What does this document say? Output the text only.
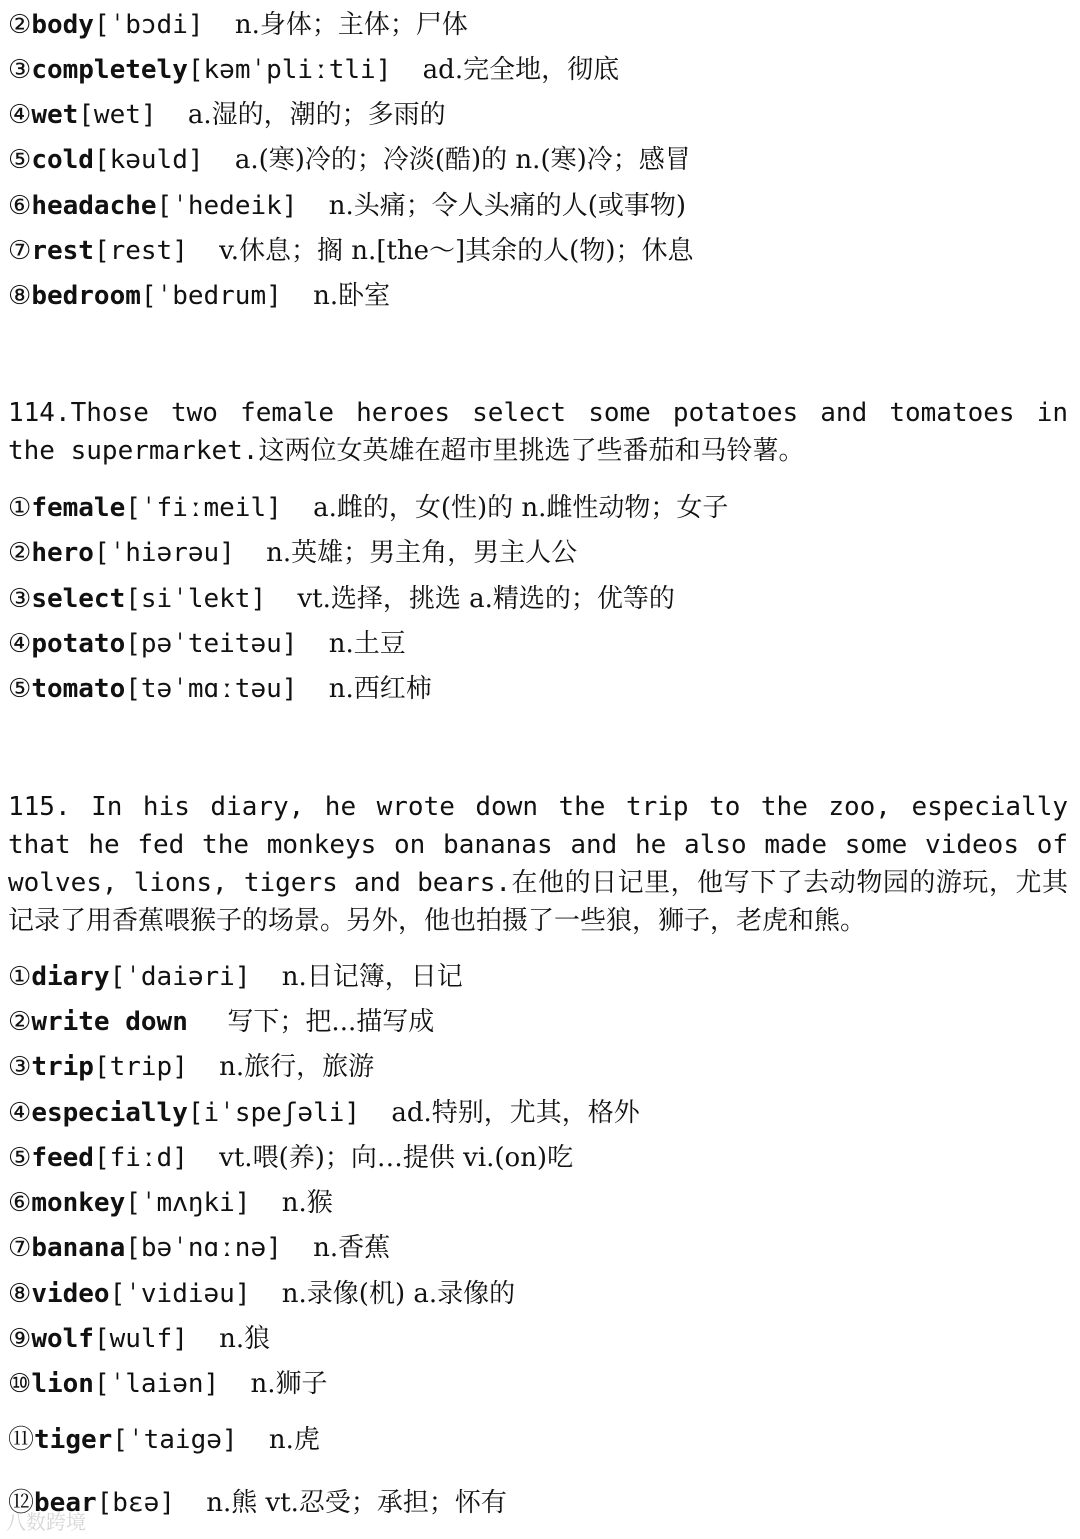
②body[ˈbɔdi] n.身体；主体；尸体
③completely[kəmˈpliːtli] ad.完全地，彻底
④wet[wet] a.湿的，潮的；多雨的
⑤cold[kəuld] a.(寒)冷的；冷淡(酷)的 n.(寒)冷；感冒
⑥headache[ˈhedeik] n.头痛；令人头痛的人(或事物)
⑦rest[rest] v.休息；搁 n.[the～]其余的人(物)；休息
⑧bedroom[ˈbedrum] n.卧室
114.Those two female heroes select some potatoes and tomatoes in the supermarket.这两位女英雄在超市里挑选了些番茄和马铃薯。
①female[ˈfiːmeil] a.雌的，女(性)的 n.雌性动物；女子
②hero[ˈhiərəu] n.英雄；男主角，男主人公
③select[siˈlekt] vt.选择，挑选 a.精选的；优等的
④potato[pəˈteitəu] n.土豆
⑤tomato[təˈmɑːtəu] n.西红柿
115. In his diary, he wrote down the trip to the zoo, especially that he fed the monkeys on bananas and he also made some videos of wolves, lions, tigers and bears.在他的日记里，他写下了去动物园的游玩，尤其记录了用香蕉喂猴子的场景。另外，他也拍摄了一些狼，狮子，老虎和熊。
①diary[ˈdaiəri] n.日记簿，日记
②write down   写下；把...描写成
③trip[trip] n.旅行，旅游
④especially[iˈspeʃəli] ad.特别，尤其，格外
⑤feed[fiːd] vt.喂(养)；向…提供 vi.(on)吃
⑥monkey[ˈmʌŋki] n.猴
⑦banana[bəˈnɑːnə] n.香蕉
⑧video[ˈvidiəu] n.录像(机) a.录像的
⑨wolf[wulf] n.狼
⑩lion[ˈlaiən] n.狮子
⑪tiger[ˈtaigə] n.虎
⑫bear[bεə] n.熊 vt.忍受；承担；怀有
八数跨境
